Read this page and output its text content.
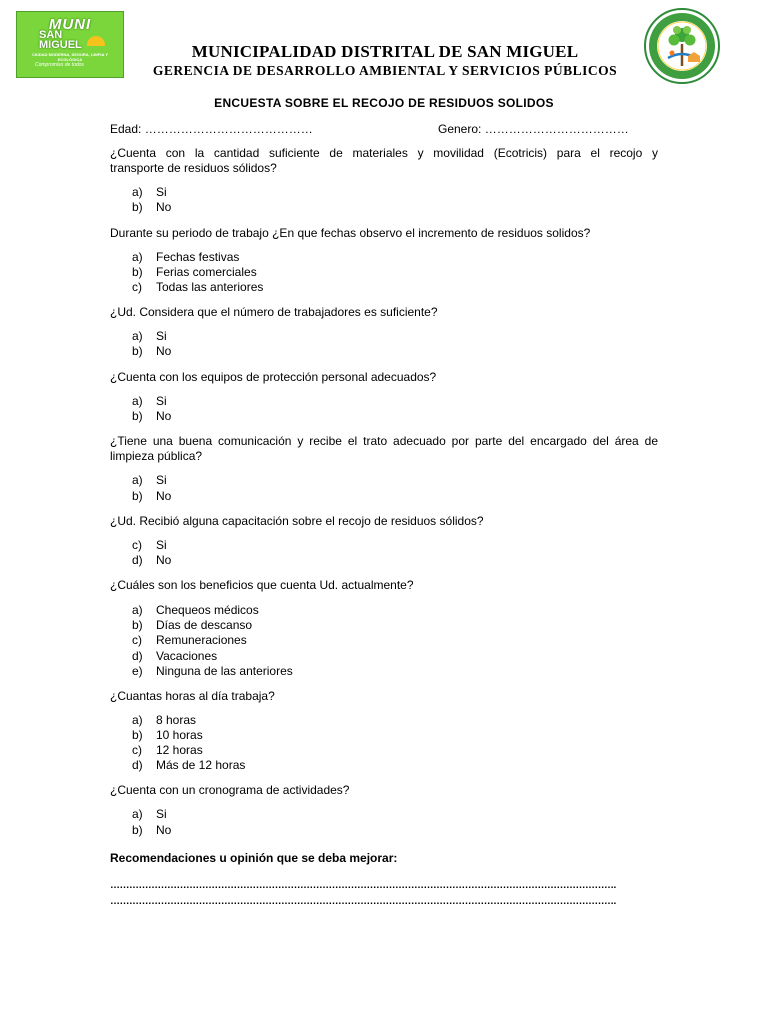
MUNI
SAN
MIGUEL
CIUDAD MODERNA, SEGURA, LIMPIA Y ECOLÓGICA
Compromiso de todos
MUNICIPALIDAD DISTRITAL DE SAN MIGUEL
GERENCIA DE DESARROLLO AMBIENTAL Y SERVICIOS PÚBLICOS
ENCUESTA SOBRE EL RECOJO DE RESIDUOS SOLIDOS
Edad: ……………………………………	Genero: ………………………………
¿Cuenta con la cantidad suficiente de materiales y movilidad (Ecotricis) para el recojo y
transporte de residuos sólidos?
a) Si
b) No
Durante su periodo de trabajo ¿En que fechas observo el incremento de residuos solidos?
a) Fechas festivas
b) Ferias comerciales
c) Todas las anteriores
¿Ud. Considera que el número de trabajadores es suficiente?
a) Si
b) No
¿Cuenta con los equipos de protección personal adecuados?
a) Si
b) No
¿Tiene una buena comunicación y recibe el trato adecuado por parte del encargado del área de
limpieza pública?
a) Si
b) No
¿Ud. Recibió alguna capacitación sobre el recojo de residuos sólidos?
c) Si
d) No
¿Cuáles son los beneficios que cuenta Ud. actualmente?
a) Chequeos médicos
b) Días de descanso
c) Remuneraciones
d) Vacaciones
e) Ninguna de las anteriores
¿Cuantas horas al día trabaja?
a) 8 horas
b) 10 horas
c) 12 horas
d) Más de 12 horas
¿Cuenta con un cronograma de actividades?
a) Si
b) No
Recomendaciones u opinión que se deba mejorar:
…………………………………………………………………………………………………………………………………………….
…………………………………………………………………………………………………………………………………………….
